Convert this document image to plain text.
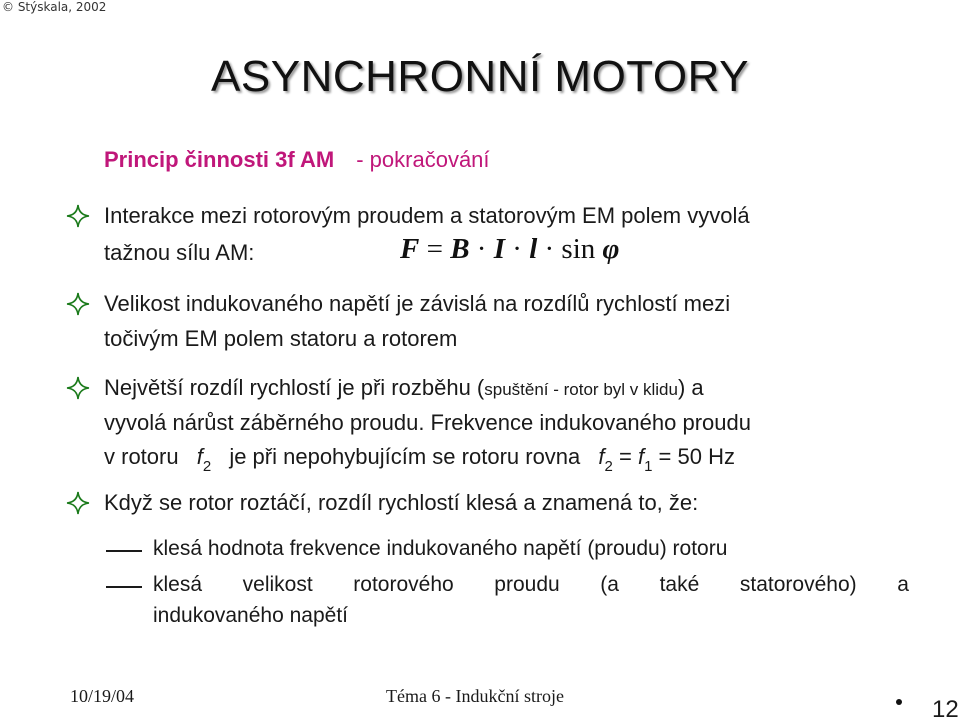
© Stýskala, 2002
ASYNCHRONNÍ MOTORY
Princip činnosti 3f AM - pokračování
Interakce mezi rotorovým proudem a statorovým EM polem vyvolá
tažnou sílu AM:	F = B · I · l · sin φ
Velikost indukovaného napětí je závislá na rozdílů rychlostí mezi
točivým EM polem statoru a rotorem
Největší rozdíl rychlostí je při rozběhu (spuštění - rotor byl v klidu) a
vyvolá nárůst záběrného proudu. Frekvence indukovaného proudu
v rotoru $f_2$ je při nepohybujícím se rotoru rovna $f_2 = f_1 = 50$ Hz
Když se rotor roztáčí, rozdíl rychlostí klesá a znamená to, že:
klesá hodnota frekvence indukovaného napětí (proudu) rotoru
klesá velikost rotorového proudu (a také statorového) a
indukovaného napětí
10/19/04	Téma 6 - Indukční stroje	12
